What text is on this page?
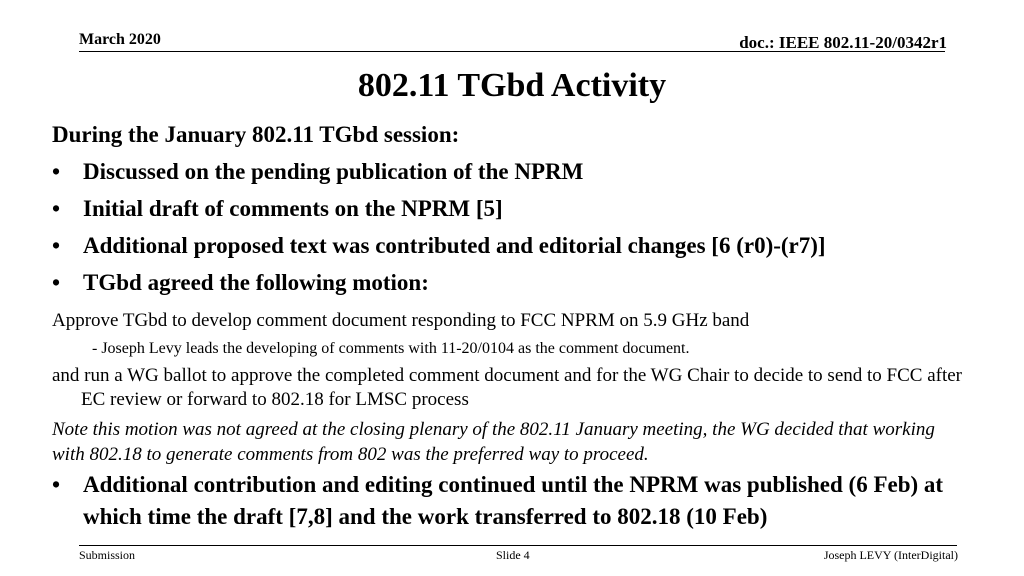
March 2020	doc.: IEEE 802.11-20/0342r1
802.11 TGbd Activity

During the January 802.11 TGbd session:

• Discussed on the pending publication of the NPRM
• Initial draft of comments on the NPRM [5]
• Additional proposed text was contributed and editorial changes [6 (r0)-(r7)]
• TGbd agreed the following motion:

Approve TGbd to develop comment document responding to FCC NPRM on 5.9 GHz band

- Joseph Levy leads the developing of comments with 11-20/0104 as the comment document.

and run a WG ballot to approve the completed comment document and for the WG Chair to decide to send to FCC after EC review or forward to 802.18 for LMSC process

Note this motion was not agreed at the closing plenary of the 802.11 January meeting, the WG decided that working with 802.18 to generate comments from 802 was the preferred way to proceed.

• Additional contribution and editing continued until the NPRM was published (6 Feb) at which time the draft [7,8] and the work transferred to 802.18 (10 Feb)
Submission	Slide 4	Joseph LEVY (InterDigital)
